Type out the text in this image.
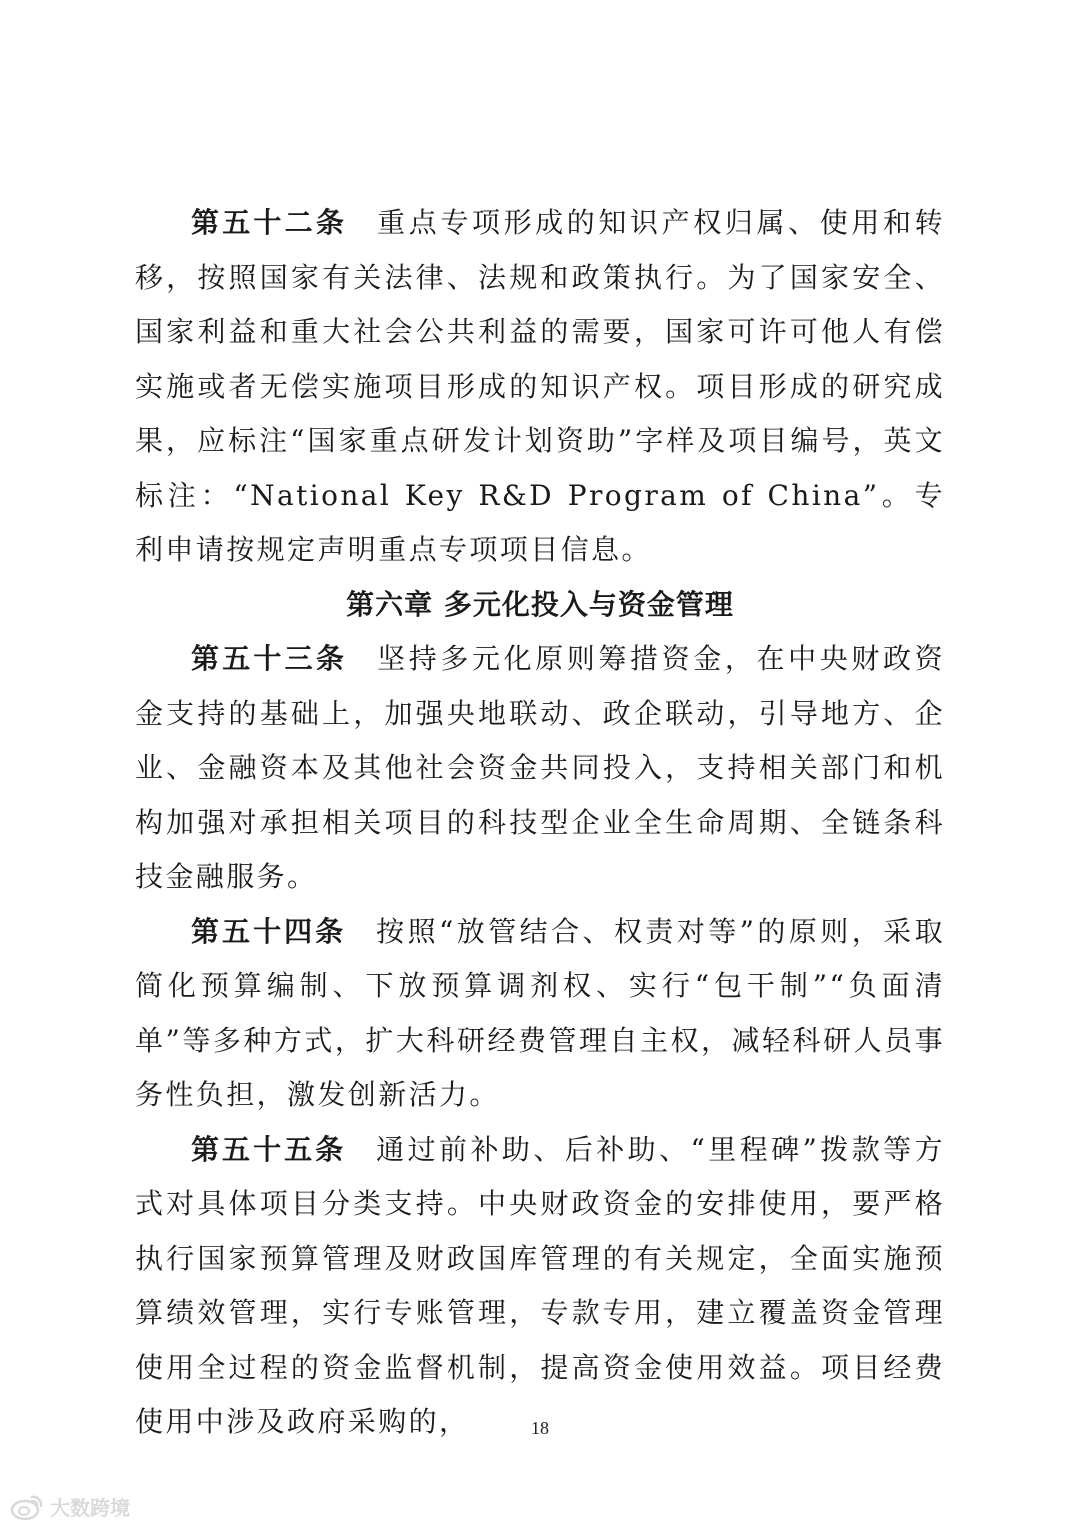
第五十二条 重点专项形成的知识产权归属、使用和转移，按照国家有关法律、法规和政策执行。为了国家安全、国家利益和重大社会公共利益的需要，国家可许可他人有偿实施或者无偿实施项目形成的知识产权。项目形成的研究成果，应标注“国家重点研发计划资助”字样及项目编号，英文标注：“National Key R&D Program of China”。专利申请按规定声明重点专项项目信息。

第六章 多元化投入与资金管理

第五十三条 坚持多元化原则筹措资金，在中央财政资金支持的基础上，加强央地联动、政企联动，引导地方、企业、金融资本及其他社会资金共同投入，支持相关部门和机构加强对承担相关项目的科技型企业全生命周期、全链条科技金融服务。

第五十四条 按照“放管结合、权责对等”的原则，采取简化预算编制、下放预算调剂权、实行“包干制”“负面清单”等多种方式，扩大科研经费管理自主权，减轻科研人员事务性负担，激发创新活力。

第五十五条 通过前补助、后补助、“里程碑”拨款等方式对具体项目分类支持。中央财政资金的安排使用，要严格执行国家预算管理及财政国库管理的有关规定，全面实施预算绩效管理，实行专账管理，专款专用，建立覆盖资金管理使用全过程的资金监督机制，提高资金使用效益。项目经费使用中涉及政府采购的，	18
大数跨境
